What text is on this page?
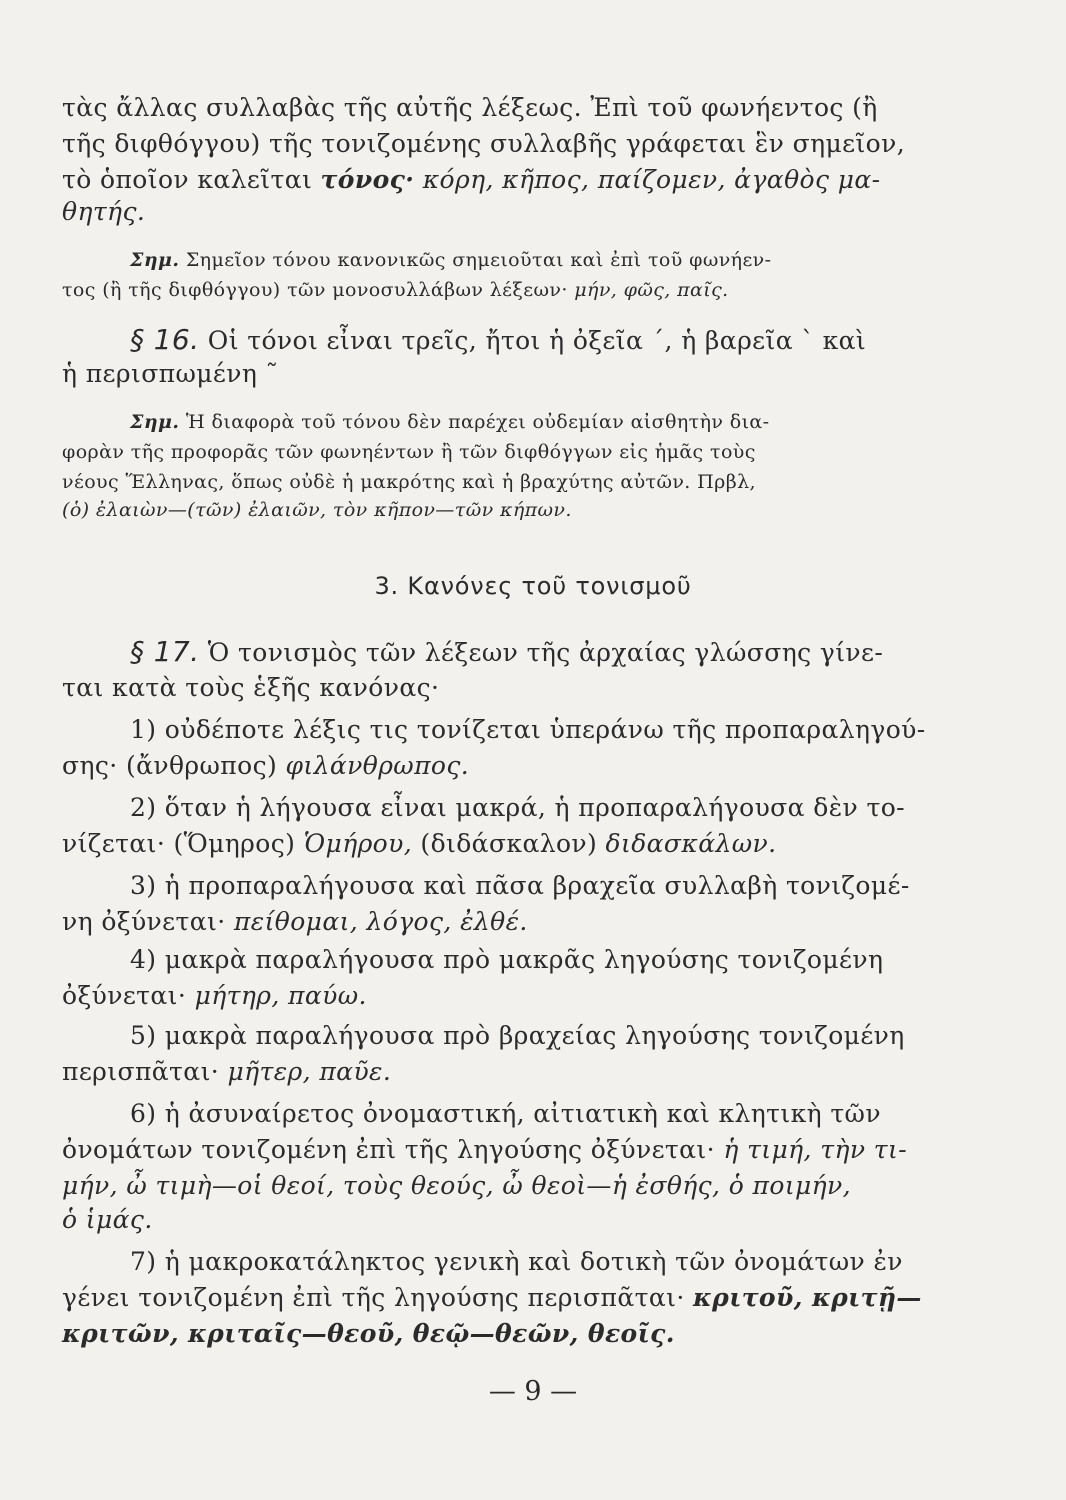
τὰς ἄλλας συλλαβὰς τῆς αὐτῆς λέξεως. Ἐπὶ τοῦ φωνήεντος (ἢ

τῆς διφθόγγου) τῆς τονιζομένης συλλαβῆς γράφεται ἓν σημεῖον,

τὸ ὁποῖον καλεῖται τόνος· κόρη, κῆπος, παίζομεν, ἀγαθὸς μα-

θητής.

Σημ. Σημεῖον τόνου κανονικῶς σημειοῦται καὶ ἐπὶ τοῦ φωνήεν-

τος (ἢ τῆς διφθόγγου) τῶν μονοσυλλάβων λέξεων· μήν, φῶς, παῖς.

§ 16. Οἱ τόνοι εἶναι τρεῖς, ἤτοι ἡ ὀξεῖα ´, ἡ βαρεῖα ` καὶ

ἡ περισπωμένη ῀

Σημ. Ἡ διαφορὰ τοῦ τόνου δὲν παρέχει οὐδεμίαν αἰσθητὴν δια-

φορὰν τῆς προφορᾶς τῶν φωνηέντων ἢ τῶν διφθόγγων εἰς ἡμᾶς τοὺς

νέους Ἕλληνας, ὅπως οὐδὲ ἡ μακρότης καὶ ἡ βραχύτης αὐτῶν. Πρβλ,

(ὁ) ἐλαιὼν—(τῶν) ἐλαιῶν, τὸν κῆπον—τῶν κήπων.

3. Κανόνες τοῦ τονισμοῦ

§ 17. Ὁ τονισμὸς τῶν λέξεων τῆς ἀρχαίας γλώσσης γίνε-

ται κατὰ τοὺς ἑξῆς κανόνας·

1) οὐδέποτε λέξις τις τονίζεται ὑπεράνω τῆς προπαραληγού-

σης· (ἄνθρωπος) φιλάνθρωπος.

2) ὅταν ἡ λήγουσα εἶναι μακρά, ἡ προπαραλήγουσα δὲν το-

νίζεται· (Ὅμηρος) Ὁμήρου, (διδάσκαλον) διδασκάλων.

3) ἡ προπαραλήγουσα καὶ πᾶσα βραχεῖα συλλαβὴ τονιζομέ-

νη ὀξύνεται· πείθομαι, λόγος, ἐλθέ.

4) μακρὰ παραλήγουσα πρὸ μακρᾶς ληγούσης τονιζομένη

ὀξύνεται· μήτηρ, παύω.

5) μακρὰ παραλήγουσα πρὸ βραχείας ληγούσης τονιζομένη

περισπᾶται· μῆτερ, παῦε.

6) ἡ ἀσυναίρετος ὀνομαστική, αἰτιατικὴ καὶ κλητικὴ τῶν

ὀνομάτων τονιζομένη ἐπὶ τῆς ληγούσης ὀξύνεται· ἡ τιμή, τὴν τι-

μήν, ὦ τιμὴ—οἱ θεοί, τοὺς θεούς, ὦ θεοὶ—ἡ ἐσθής, ὁ ποιμήν,

ὁ ἱμάς.

7) ἡ μακροκατάληκτος γενικὴ καὶ δοτικὴ τῶν ὀνομάτων ἐν

γένει τονιζομένη ἐπὶ τῆς ληγούσης περισπᾶται· κριτοῦ, κριτῇ—

κριτῶν, κριταῖς—θεοῦ, θεῷ—θεῶν, θεοῖς.

— 9 —
